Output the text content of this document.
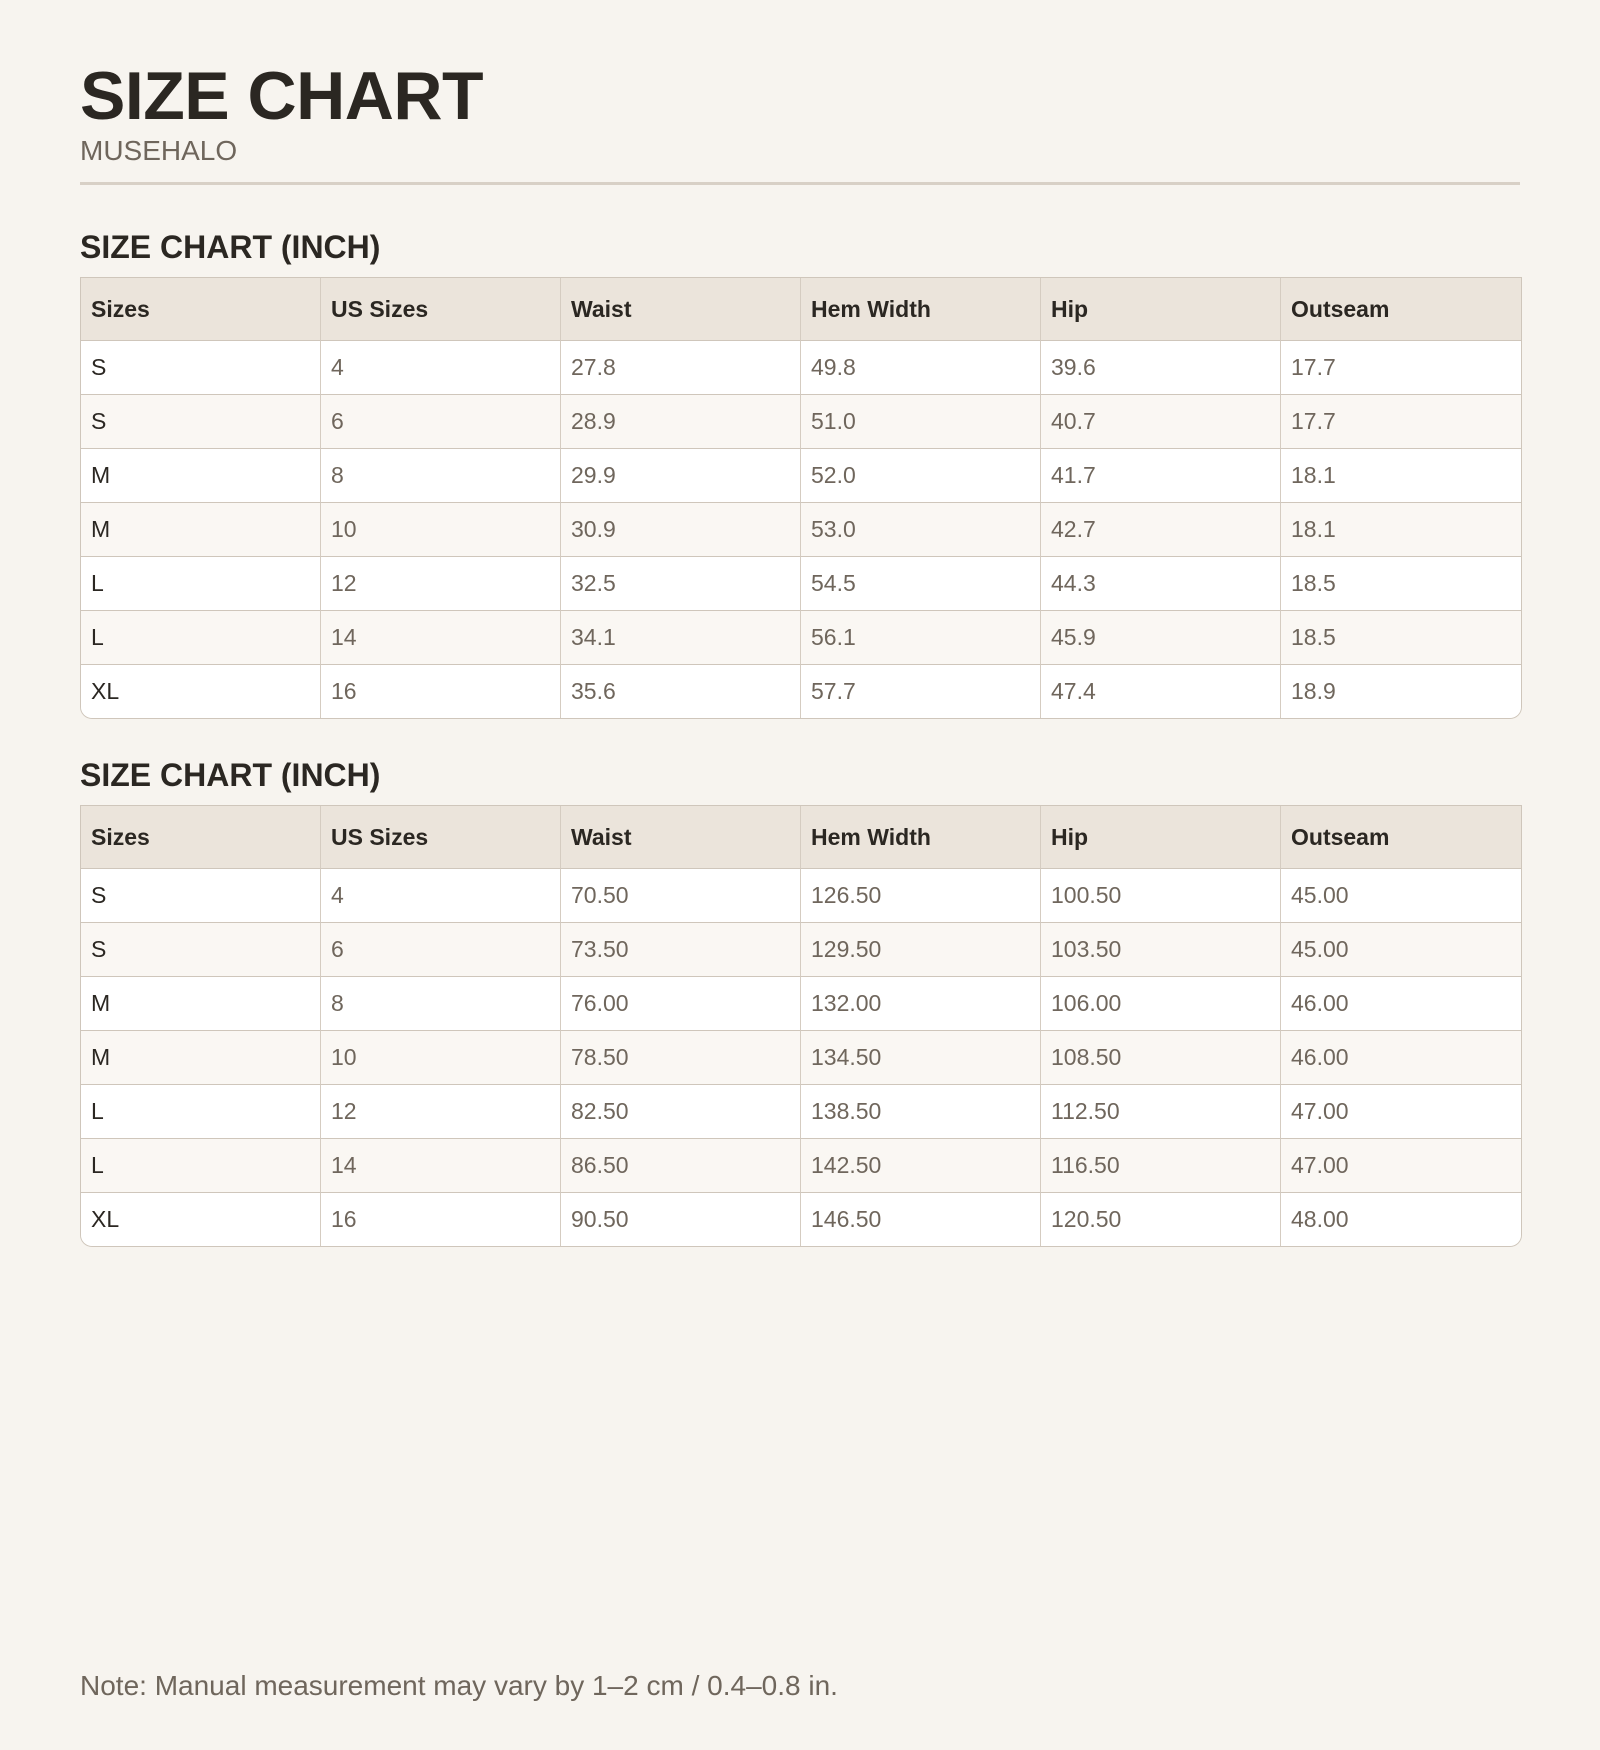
SIZE CHART
MUSEHALO
SIZE CHART (INCH)
Sizes	US Sizes	Waist	Hem Width	Hip	Outseam
S	4	27.8	49.8	39.6	17.7
S	6	28.9	51.0	40.7	17.7
M	8	29.9	52.0	41.7	18.1
M	10	30.9	53.0	42.7	18.1
L	12	32.5	54.5	44.3	18.5
L	14	34.1	56.1	45.9	18.5
XL	16	35.6	57.7	47.4	18.9
SIZE CHART (INCH)
Sizes	US Sizes	Waist	Hem Width	Hip	Outseam
S	4	70.50	126.50	100.50	45.00
S	6	73.50	129.50	103.50	45.00
M	8	76.00	132.00	106.00	46.00
M	10	78.50	134.50	108.50	46.00
L	12	82.50	138.50	112.50	47.00
L	14	86.50	142.50	116.50	47.00
XL	16	90.50	146.50	120.50	48.00
Note: Manual measurement may vary by 1–2 cm / 0.4–0.8 in.
